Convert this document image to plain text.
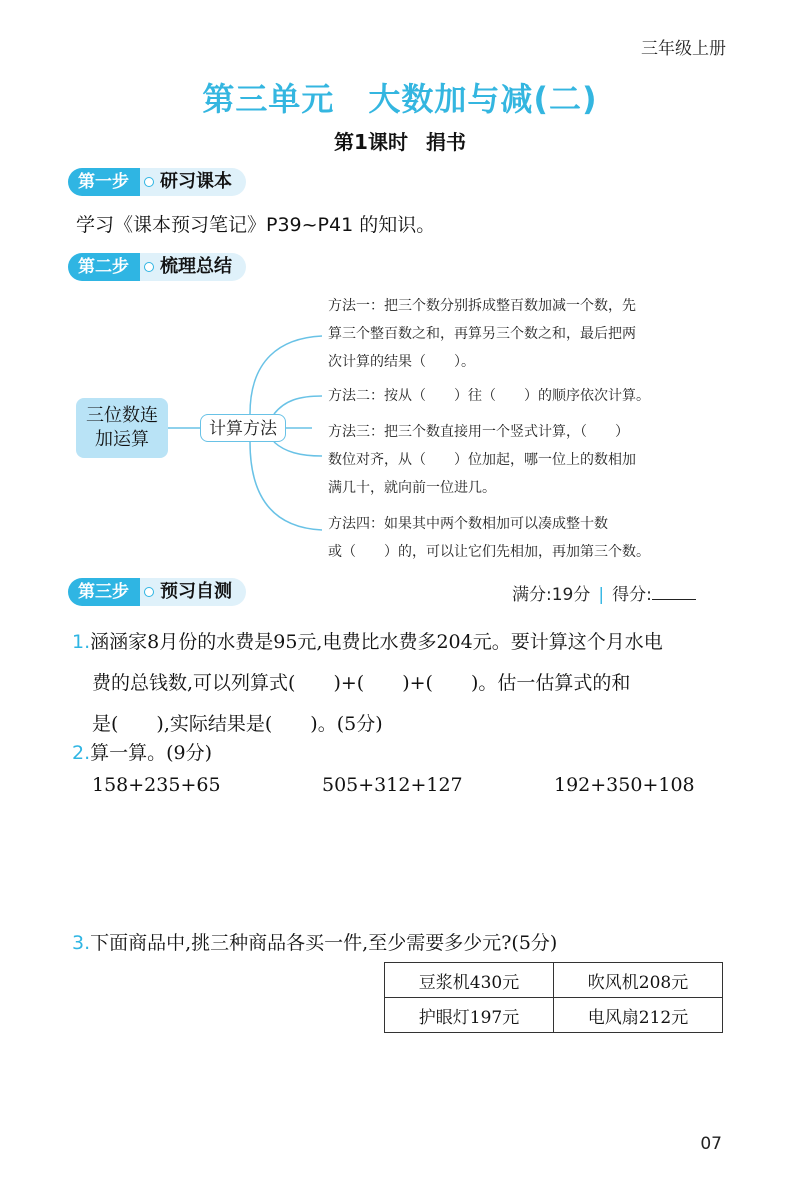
三年级上册
第三单元 大数加与减(二)
第1课时 捐书
第一步	研习课本
学习《课本预习笔记》P39~P41 的知识。
第二步	梳理总结
三位数连
加运算	计算方法
方法一：把三个数分别拆成整百数加减一个数，先
算三个整百数之和，再算另三个数之和，最后把两
次计算的结果（　　）。
方法二：按从（　　）往（　　）的顺序依次计算。
方法三：把三个数直接用一个竖式计算，（　　）
数位对齐，从（　　）位加起，哪一位上的数相加
满几十，就向前一位进几。
方法四：如果其中两个数相加可以凑成整十数
或（　　）的，可以让它们先相加，再加第三个数。
第三步	预习自测	满分:19分 | 得分:
1.涵涵家8月份的水费是95元,电费比水费多204元。要计算这个月水电
费的总钱数,可以列算式(　　)+(　　)+(　　)。估一估算式的和
是(　　),实际结果是(　　)。(5分)
2.算一算。(9分)
158+235+65	505+312+127	192+350+108
3.下面商品中,挑三种商品各买一件,至少需要多少元?(5分)
豆浆机430元	吹风机208元
护眼灯197元	电风扇212元
07
